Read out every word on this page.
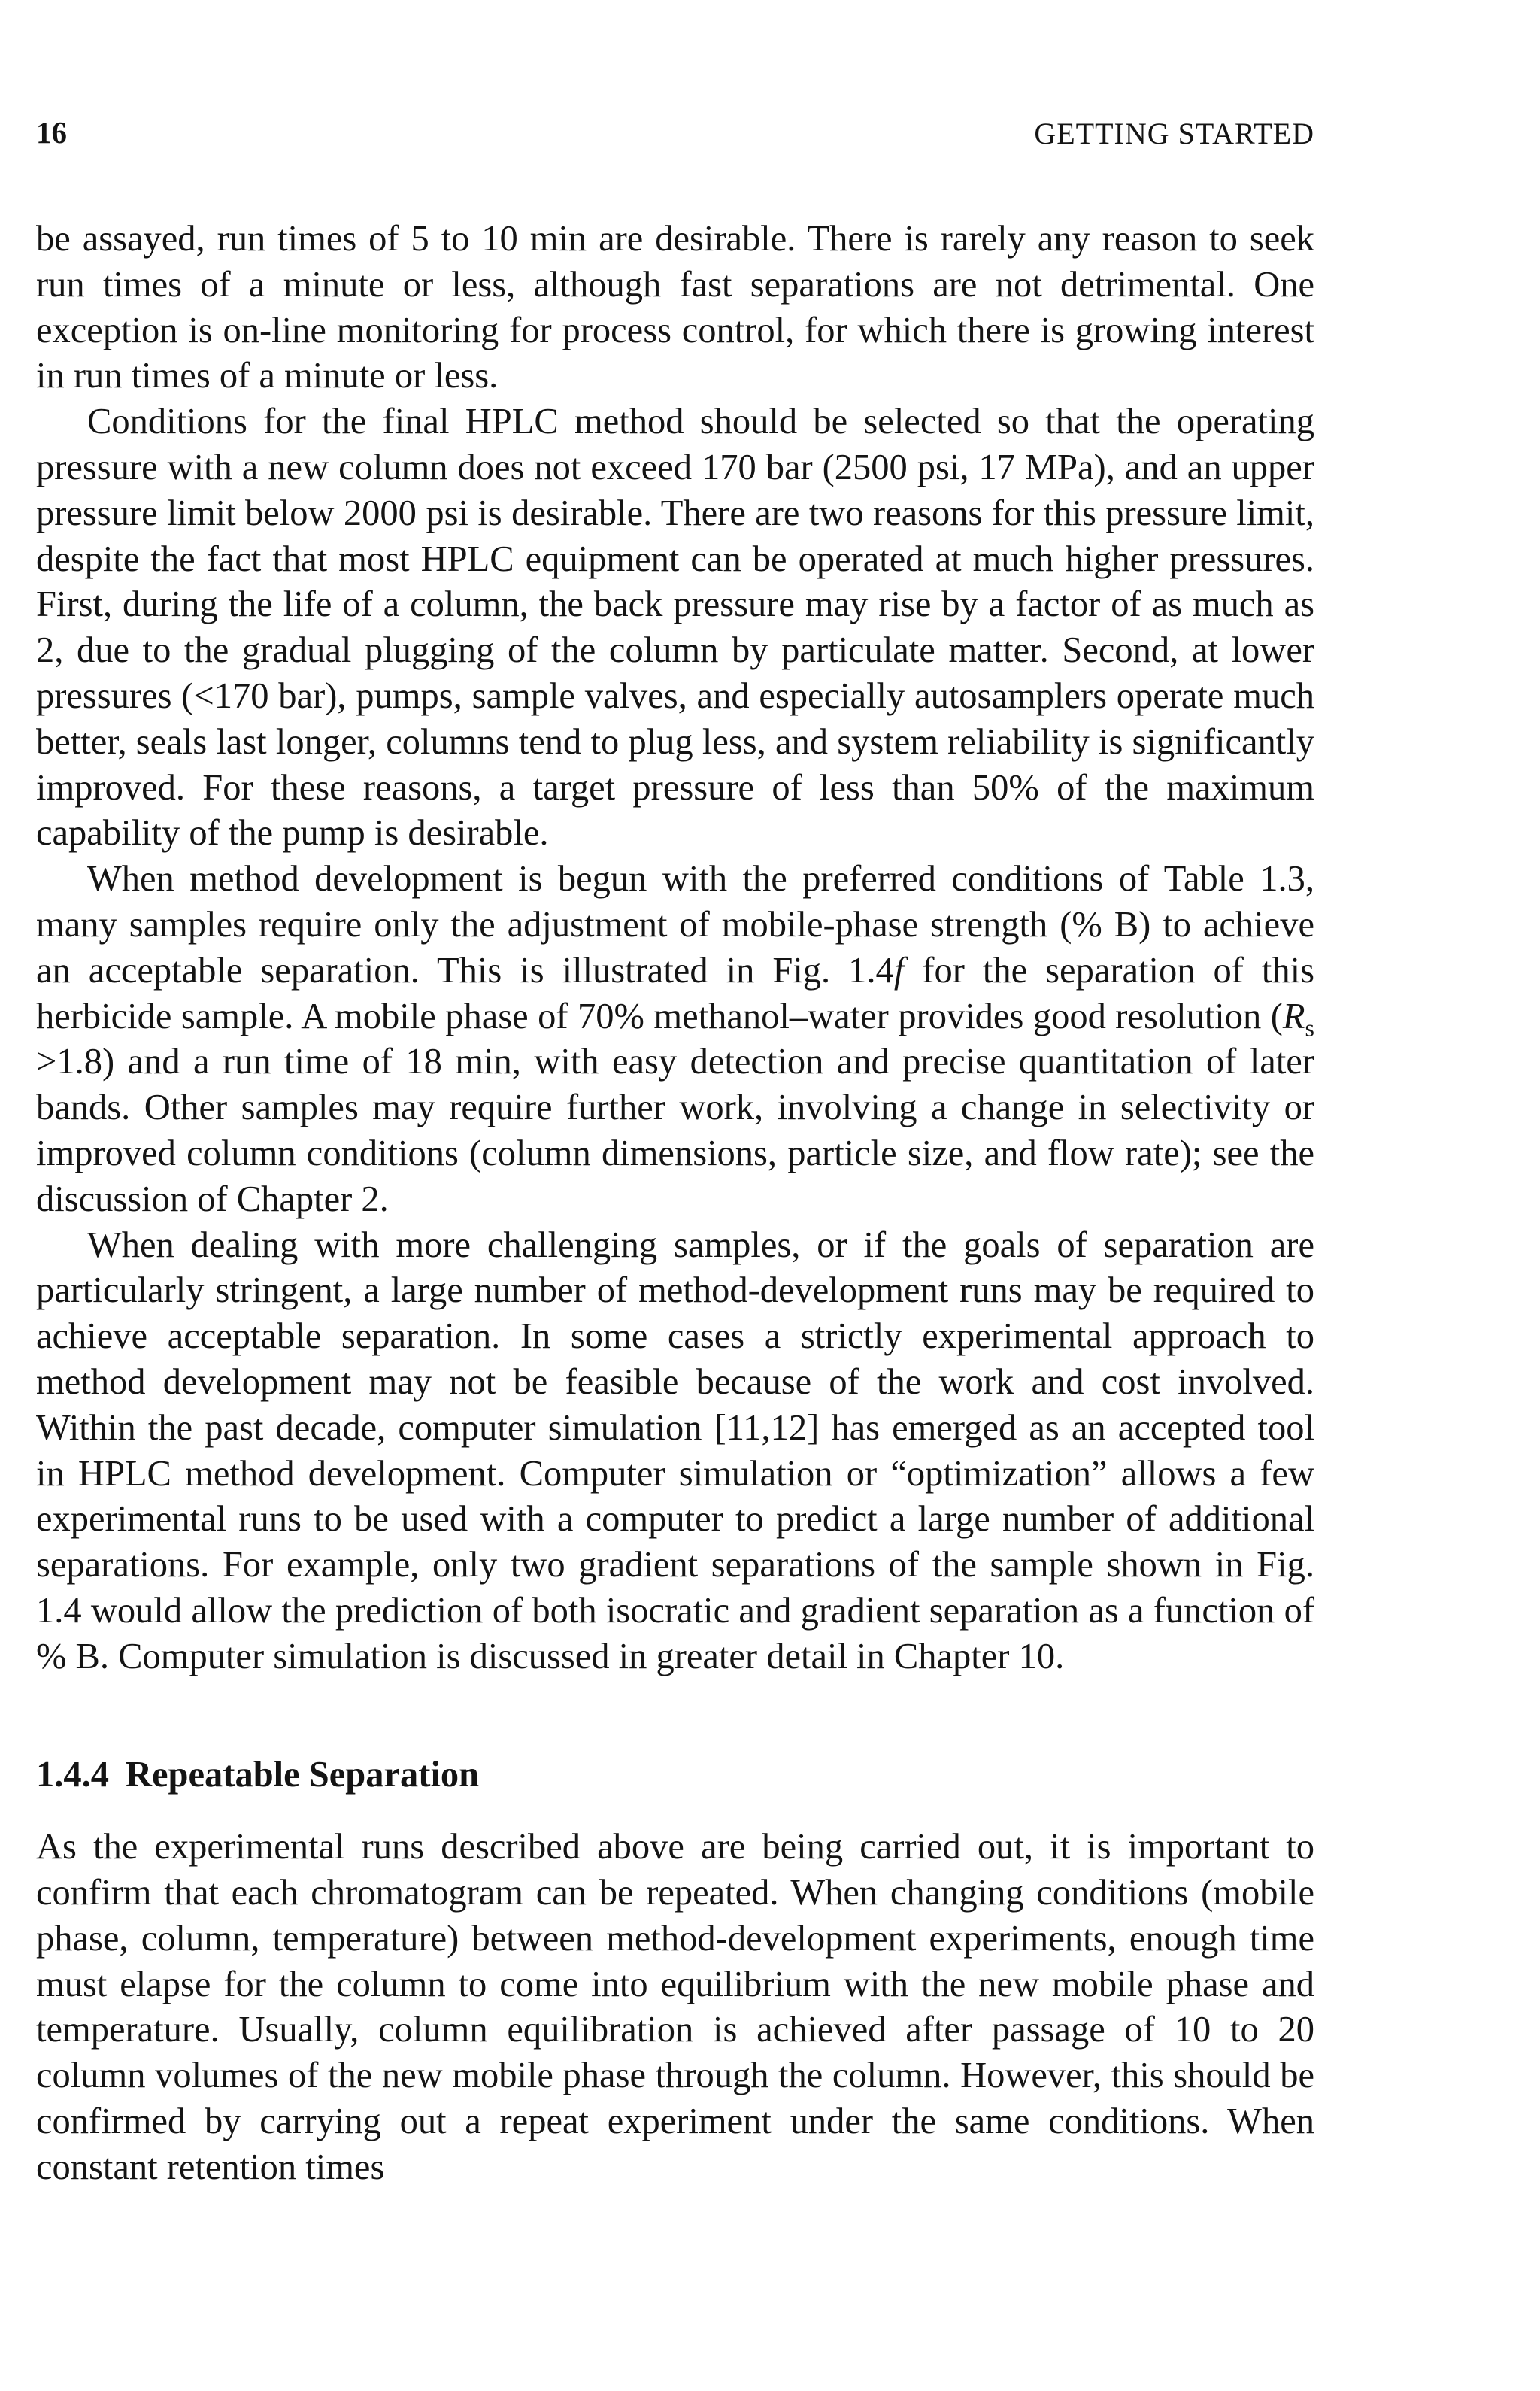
16	GETTING STARTED

be assayed, run times of 5 to 10 min are desirable. There is rarely any reason to seek run times of a minute or less, although fast separations are not detrimental. One exception is on-line monitoring for process control, for which there is growing interest in run times of a minute or less.

Conditions for the final HPLC method should be selected so that the operating pressure with a new column does not exceed 170 bar (2500 psi, 17 MPa), and an upper pressure limit below 2000 psi is desirable. There are two reasons for this pressure limit, despite the fact that most HPLC equipment can be operated at much higher pressures. First, during the life of a column, the back pressure may rise by a factor of as much as 2, due to the gradual plugging of the column by particulate matter. Second, at lower pressures (<170 bar), pumps, sample valves, and especially autosamplers operate much better, seals last longer, columns tend to plug less, and system reliability is significantly improved. For these reasons, a target pressure of less than 50% of the maximum capability of the pump is desirable.

When method development is begun with the preferred conditions of Table 1.3, many samples require only the adjustment of mobile-phase strength (% B) to achieve an acceptable separation. This is illustrated in Fig. 1.4f for the separation of this herbicide sample. A mobile phase of 70% methanol–water provides good resolution $(R_s >1.8)$ and a run time of 18 min, with easy detection and precise quantitation of later bands. Other samples may require further work, involving a change in selectivity or improved column conditions (column dimensions, particle size, and flow rate); see the discussion of Chapter 2.

When dealing with more challenging samples, or if the goals of separation are particularly stringent, a large number of method-development runs may be required to achieve acceptable separation. In some cases a strictly experimental approach to method development may not be feasible because of the work and cost involved. Within the past decade, computer simulation [11,12] has emerged as an accepted tool in HPLC method development. Computer simulation or “optimization” allows a few experimental runs to be used with a computer to predict a large number of additional separations. For example, only two gradient separations of the sample shown in Fig. 1.4 would allow the prediction of both isocratic and gradient separation as a function of % B. Computer simulation is discussed in greater detail in Chapter 10.

1.4.4 Repeatable Separation

As the experimental runs described above are being carried out, it is important to confirm that each chromatogram can be repeated. When changing conditions (mobile phase, column, temperature) between method-development experiments, enough time must elapse for the column to come into equilibrium with the new mobile phase and temperature. Usually, column equilibration is achieved after passage of 10 to 20 column volumes of the new mobile phase through the column. However, this should be confirmed by carrying out a repeat experiment under the same conditions. When constant retention times
